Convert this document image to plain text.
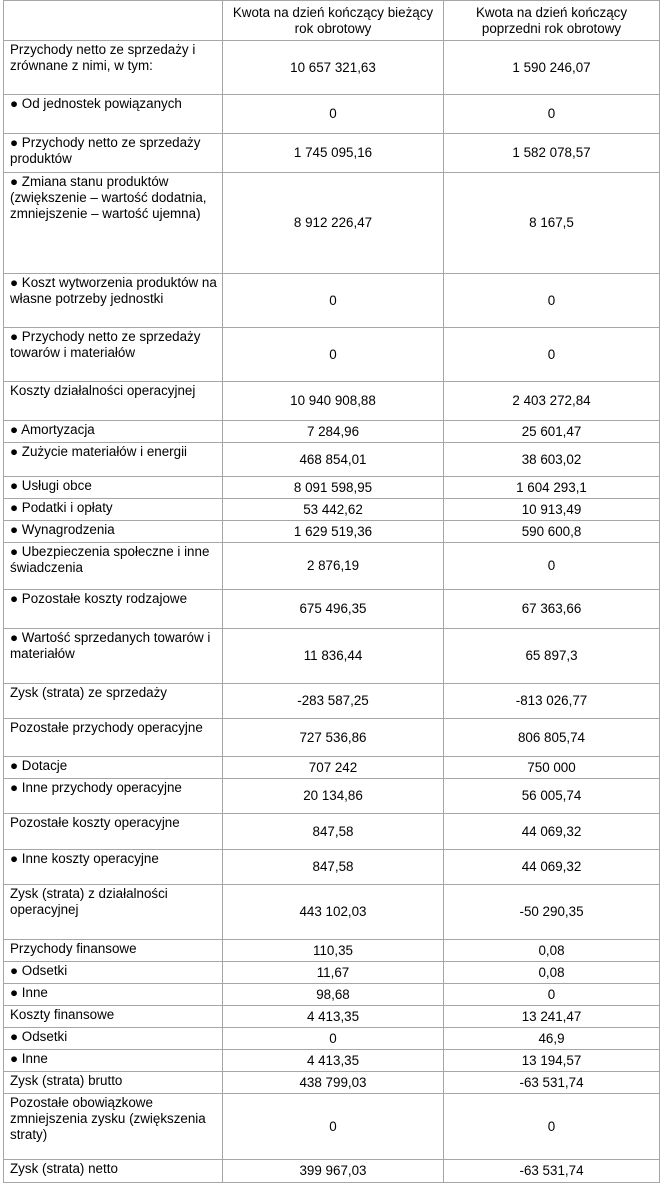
	Kwota na dzień kończący bieżący rok obrotowy	Kwota na dzień kończący poprzedni rok obrotowy
Przychody netto ze sprzedaży i zrównane z nimi, w tym:	10 657 321,63	1 590 246,07
● Od jednostek powiązanych	0	0
● Przychody netto ze sprzedaży produktów	1 745 095,16	1 582 078,57
● Zmiana stanu produktów (zwiększenie – wartość dodatnia, zmniejszenie – wartość ujemna)	8 912 226,47	8 167,5
● Koszt wytworzenia produktów na własne potrzeby jednostki	0	0
● Przychody netto ze sprzedaży towarów i materiałów	0	0
Koszty działalności operacyjnej	10 940 908,88	2 403 272,84
● Amortyzacja	7 284,96	25 601,47
● Zużycie materiałów i energii	468 854,01	38 603,02
● Usługi obce	8 091 598,95	1 604 293,1
● Podatki i opłaty	53 442,62	10 913,49
● Wynagrodzenia	1 629 519,36	590 600,8
● Ubezpieczenia społeczne i inne świadczenia	2 876,19	0
● Pozostałe koszty rodzajowe	675 496,35	67 363,66
● Wartość sprzedanych towarów i materiałów	11 836,44	65 897,3
Zysk (strata) ze sprzedaży	-283 587,25	-813 026,77
Pozostałe przychody operacyjne	727 536,86	806 805,74
● Dotacje	707 242	750 000
● Inne przychody operacyjne	20 134,86	56 005,74
Pozostałe koszty operacyjne	847,58	44 069,32
● Inne koszty operacyjne	847,58	44 069,32
Zysk (strata) z działalności operacyjnej	443 102,03	-50 290,35
Przychody finansowe	110,35	0,08
● Odsetki	11,67	0,08
● Inne	98,68	0
Koszty finansowe	4 413,35	13 241,47
● Odsetki	0	46,9
● Inne	4 413,35	13 194,57
Zysk (strata) brutto	438 799,03	-63 531,74
Pozostałe obowiązkowe zmniejszenia zysku (zwiększenia straty)	0	0
Zysk (strata) netto	399 967,03	-63 531,74
